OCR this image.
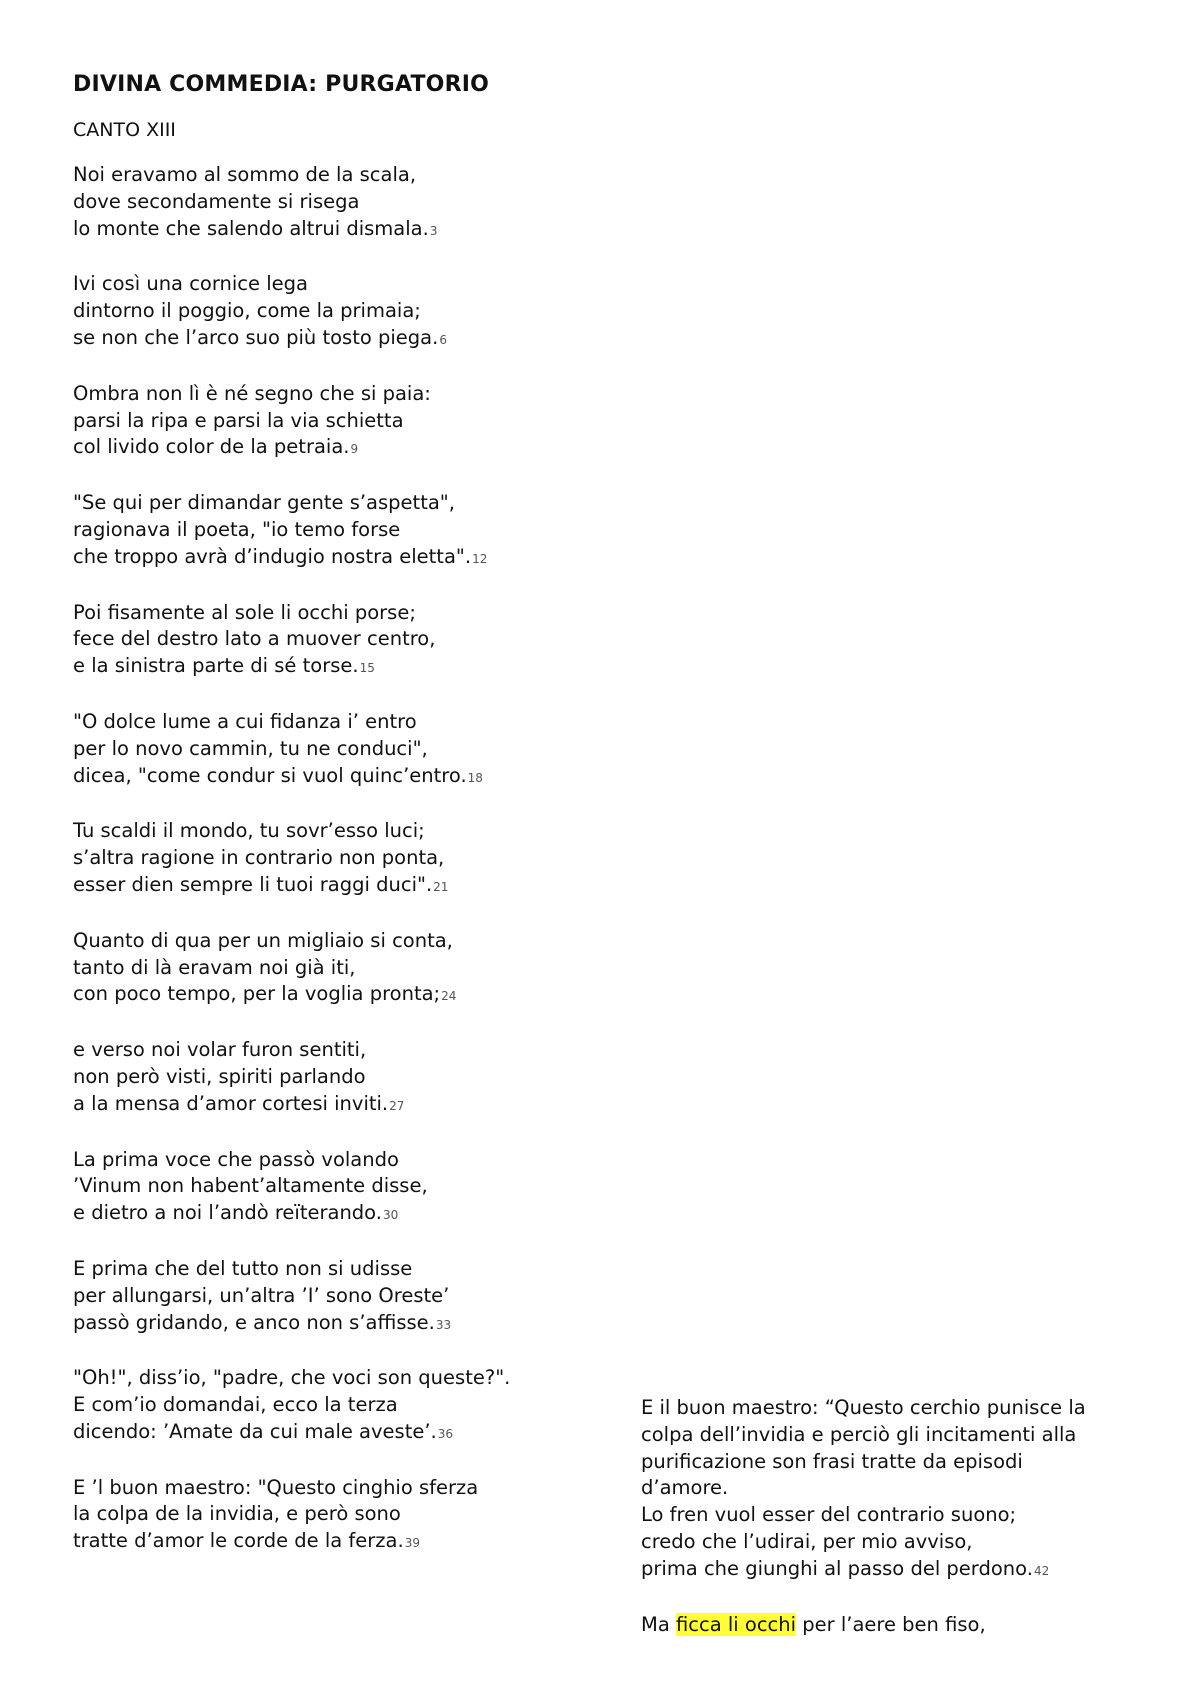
DIVINA COMMEDIA: PURGATORIO

CANTO XIII

Noi eravamo al sommo de la scala,
dove secondamente si risega
lo monte che salendo altrui dismala.3
Ivi così una cornice lega
dintorno il poggio, come la primaia;
se non che l’arco suo più tosto piega.6
Ombra non lì è né segno che si paia:
parsi la ripa e parsi la via schietta
col livido color de la petraia.9
"Se qui per dimandar gente s’aspetta",
ragionava il poeta, "io temo forse
che troppo avrà d’indugio nostra eletta".12
Poi fisamente al sole li occhi porse;
fece del destro lato a muover centro,
e la sinistra parte di sé torse.15
"O dolce lume a cui fidanza i’ entro
per lo novo cammin, tu ne conduci",
dicea, "come condur si vuol quinc’entro.18
Tu scaldi il mondo, tu sovr’esso luci;
s’altra ragione in contrario non ponta,
esser dien sempre li tuoi raggi duci".21
Quanto di qua per un migliaio si conta,
tanto di là eravam noi già iti,
con poco tempo, per la voglia pronta;24
e verso noi volar furon sentiti,
non però visti, spiriti parlando
a la mensa d’amor cortesi inviti.27
La prima voce che passò volando
’Vinum non habent’altamente disse,
e dietro a noi l’andò reïterando.30
E prima che del tutto non si udisse
per allungarsi, un’altra ’I’ sono Oreste’
passò gridando, e anco non s’affisse.33
"Oh!", diss’io, "padre, che voci son queste?".
E com’io domandai, ecco la terza
dicendo: ’Amate da cui male aveste’.36
E ’l buon maestro: "Questo cinghio sferza
la colpa de la invidia, e però sono
tratte d’amor le corde de la ferza.39
E il buon maestro: “Questo cerchio punisce la
colpa dell’invidia e perciò gli incitamenti alla
purificazione son frasi tratte da episodi
d’amore.
Lo fren vuol esser del contrario suono;
credo che l’udirai, per mio avviso,
prima che giunghi al passo del perdono.42
Ma ficca li occhi per l’aere ben fiso,
